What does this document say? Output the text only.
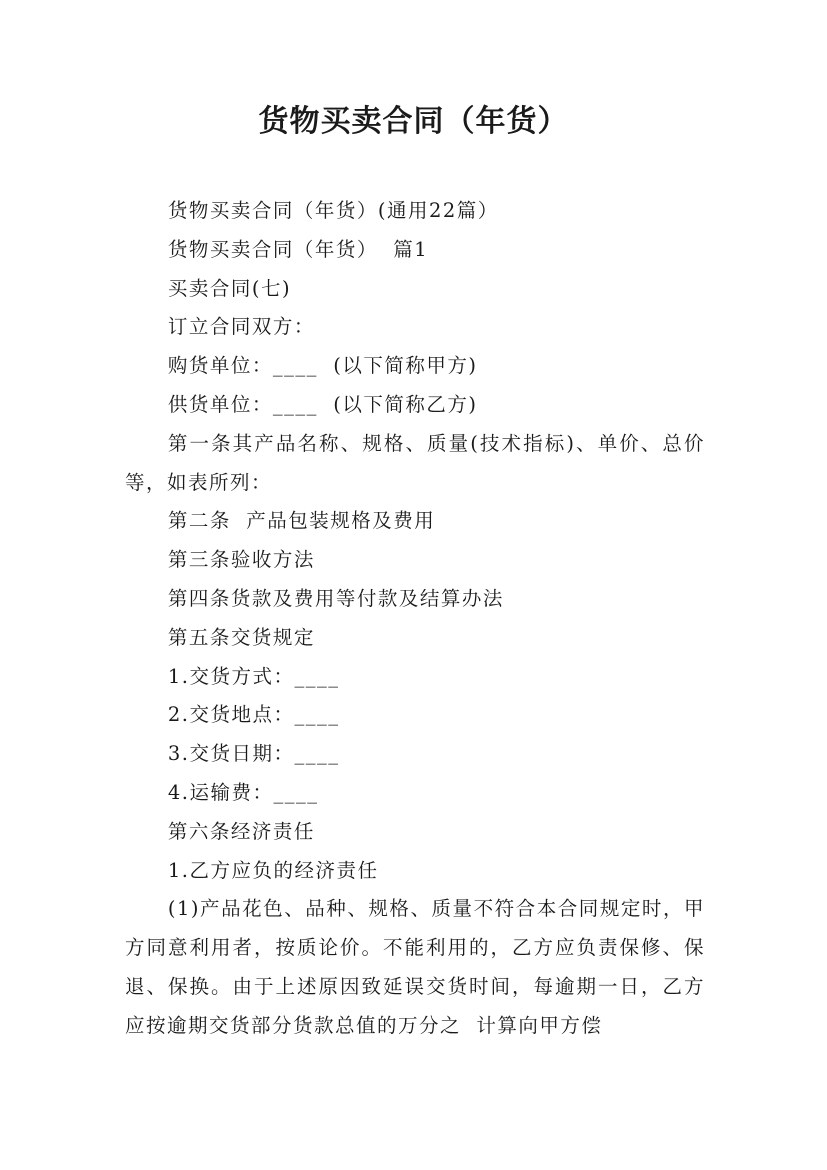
货物买卖合同（年货）

货物买卖合同（年货）(通用22篇）

货物买卖合同（年货）  篇1

买卖合同(七)

订立合同双方：

购货单位：____  (以下简称甲方)

供货单位：____  (以下简称乙方)

第一条其产品名称、规格、质量(技术指标)、单价、总价等，如表所列：

第二条  产品包装规格及费用

第三条验收方法

第四条货款及费用等付款及结算办法

第五条交货规定

1.交货方式：____

2.交货地点：____

3.交货日期：____

4.运输费：____

第六条经济责任

1.乙方应负的经济责任

(1)产品花色、品种、规格、质量不符合本合同规定时，甲方同意利用者，按质论价。不能利用的，乙方应负责保修、保退、保换。由于上述原因致延误交货时间，每逾期一日，乙方应按逾期交货部分货款总值的万分之  计算向甲方偿
